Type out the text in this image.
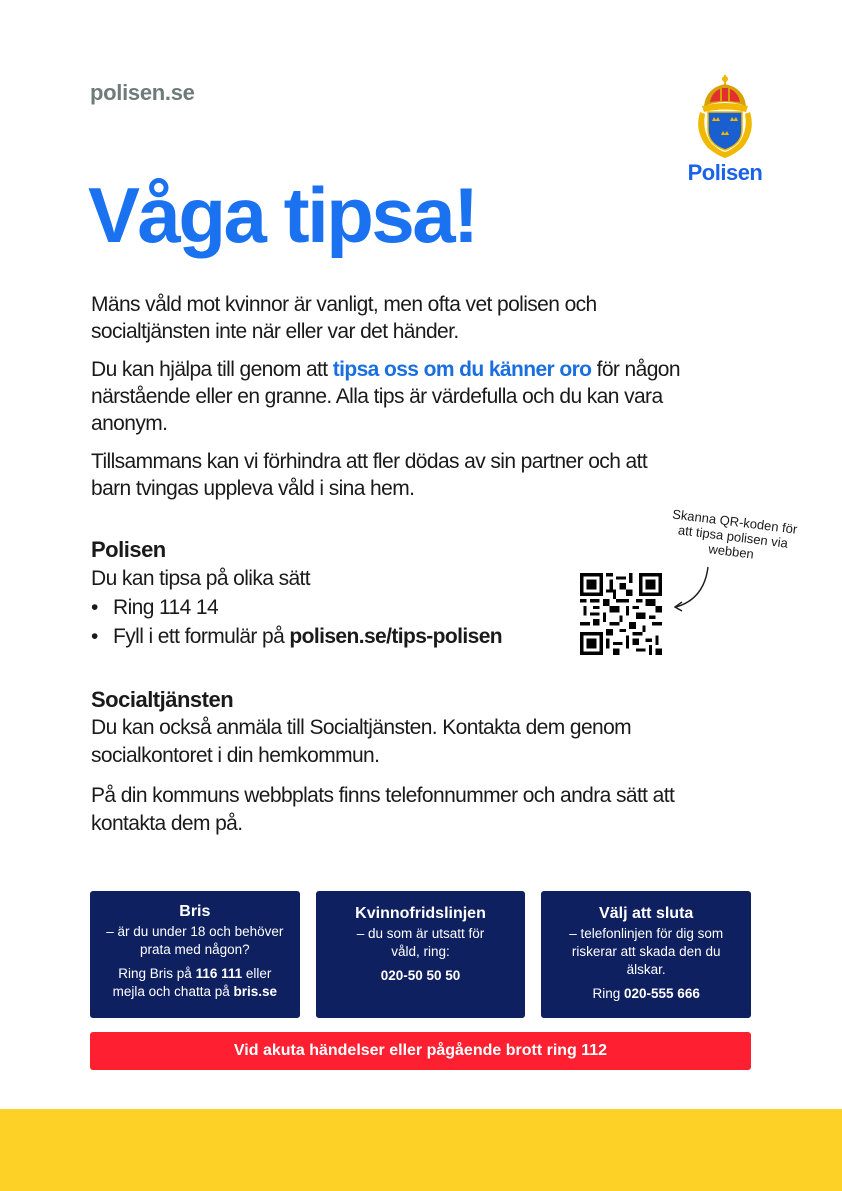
polisen.se
Polisen
Våga tipsa!

Mäns våld mot kvinnor är vanligt, men ofta vet polisen och socialtjänsten inte när eller var det händer.

Du kan hjälpa till genom att tipsa oss om du känner oro för någon närstående eller en granne. Alla tips är värdefulla och du kan vara anonym.

Tillsammans kan vi förhindra att fler dödas av sin partner och att barn tvingas uppleva våld i sina hem.

Polisen
Du kan tipsa på olika sätt
• Ring 114 14
• Fyll i ett formulär på polisen.se/tips-polisen
Skanna QR-koden för att tipsa polisen via webben
Socialtjänsten

Du kan också anmäla till Socialtjänsten. Kontakta dem genom socialkontoret i din hemkommun.

På din kommuns webbplats finns telefonnummer och andra sätt att kontakta dem på.

Bris
– är du under 18 och behöver prata med någon?
Ring Bris på 116 111 eller
mejla och chatta på bris.se
Kvinnofridslinjen
– du som är utsatt för våld, ring:
020-50 50 50
Välj att sluta
– telefonlinjen för dig som riskerar att skada den du älskar.
Ring 020-555 666
Vid akuta händelser eller pågående brott ring 112
